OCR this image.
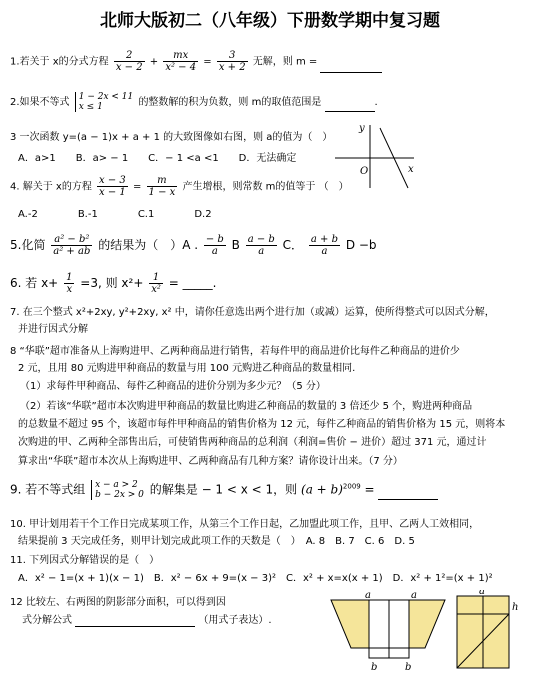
北师大版初二（八年级）下册数学期中复习题
1.若关于 x的分式方程 $\frac{2}{x - 2} + \frac{mx}{\text{x² − 4}} = \frac{3}{x + 2}$ 无解，则 m =
2.如果不等式 1 − 2x < 11
x ≤ 1	的整数解的积为负数，则 m的取值范围是	.
3 一次函数 y=(a − 1)x + a + 1 的大致图像如右图，则 a的值为（　）
A．a>1　　B．a> − 1　　C．− 1 <a <1　　D．无法确定
y
x
O
4. 解关于 x的方程 $\frac{x - 3}{x - 1} = \frac{m}{1 - x}$ 产生增根，则常数 m的值等于 （　）
A.-2　　　　B.-1　　　　C.1　　　　D.2
5.化简 $\frac{\text{a² − b²}}{\text{a² + ab}}$ 的结果为（　）A . $\frac{- b}{a}$ B $\frac{a - b}{a}$ C． $\frac{a + b}{a}$ D −b
6. 若 $x+ \frac{1}{x} =3$, 则 $x^2+ \frac{1}{\text{x²}}$ = _____.
7. 在三个整式 x²+2xy, y²+2xy, x² 中，请你任意选出两个进行加（或减）运算，使所得整式可以因式分解，
并进行因式分解
8 “华联”超市准备从上海购进甲、乙两种商品进行销售，若每件甲的商品进价比每件乙种商品的进价少
2 元，且用 80 元购进甲种商品的数量与用 100 元购进乙种商品的数量相同.
（1）求每件甲种商品、每件乙种商品的进价分别为多少元？（5 分）
（2）若该“华联”超市本次购进甲种商品的数量比购进乙种商品的数量的 3 倍还少 5 个，购进两种商品
的总数量不超过 95 个，该超市每件甲种商品的销售价格为 12 元，每件乙种商品的销售价格为 15 元，则将本
次购进的甲、乙两种全部售出后，可使销售两种商品的总利润（利润=售价 − 进价）超过 371 元，通过计
算求出“华联”超市本次从上海购进甲、乙两种商品有几种方案？请你设计出来。（7 分）
9. 若不等式组 x − a > 2
b − 2x > 0 的解集是 − 1 < x < 1，则 $(a + b)^{2009}$ =
10. 甲计划用若干个工作日完成某项工作，从第三个工作日起，乙加盟此项工作，且甲、乙两人工效相同，
结果提前 3 天完成任务，则甲计划完成此项工作的天数是（　）　A. 8　B. 7　C. 6　D. 5
11. 下列因式分解错误的是（　）
A．x² − 1=(x + 1)(x − 1)　B．x² − 6x + 9=(x − 3)²　C．x² + x=x(x + 1)　D．x² + 1²=(x + 1)²
12 比较左、右两图的阴影部分面积，可以得到因
式分解公式	（用式子表达）.
a	a
b	b
a
h
